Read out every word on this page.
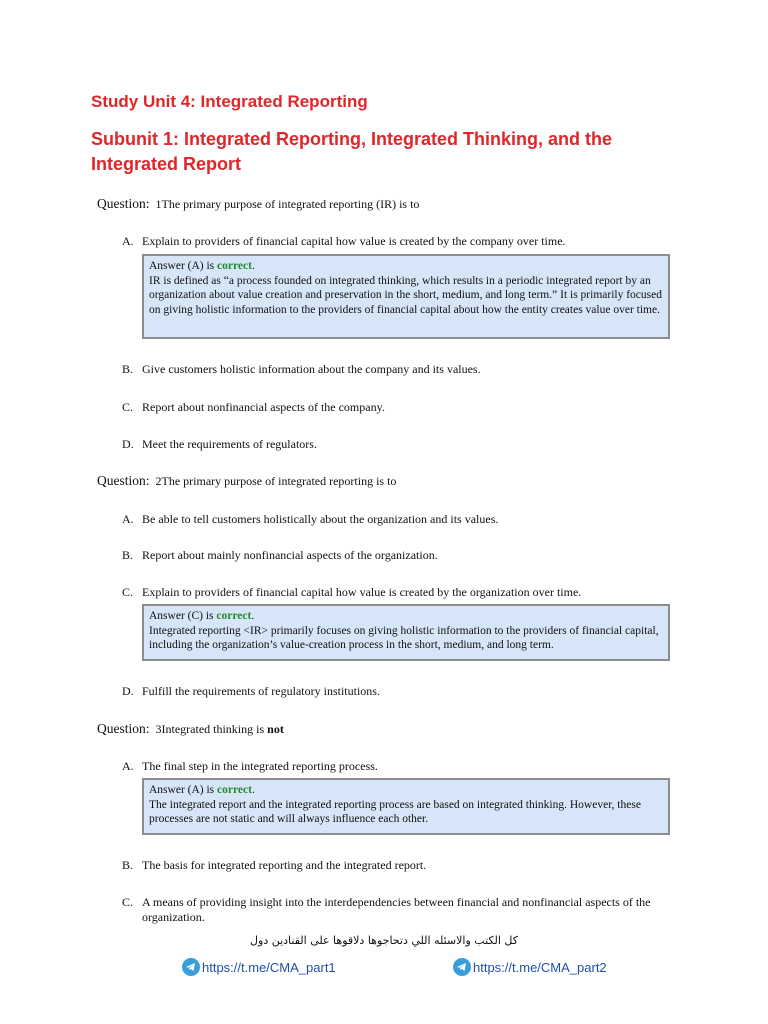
Study Unit 4: Integrated Reporting
Subunit 1: Integrated Reporting, Integrated Thinking, and the Integrated Report
Question: 1The primary purpose of integrated reporting (IR) is to
A. Explain to providers of financial capital how value is created by the company over time.
Answer (A) is correct.
IR is defined as “a process founded on integrated thinking, which results in a periodic integrated report by an organization about value creation and preservation in the short, medium, and long term.” It is primarily focused on giving holistic information to the providers of financial capital about how the entity creates value over time.
B. Give customers holistic information about the company and its values.
C. Report about nonfinancial aspects of the company.
D. Meet the requirements of regulators.
Question: 2The primary purpose of integrated reporting is to
A. Be able to tell customers holistically about the organization and its values.
B. Report about mainly nonfinancial aspects of the organization.
C. Explain to providers of financial capital how value is created by the organization over time.
Answer (C) is correct.
Integrated reporting <IR> primarily focuses on giving holistic information to the providers of financial capital, including the organization’s value-creation process in the short, medium, and long term.
D. Fulfill the requirements of regulatory institutions.
Question: 3Integrated thinking is not
A. The final step in the integrated reporting process.
Answer (A) is correct.
The integrated report and the integrated reporting process are based on integrated thinking. However, these processes are not static and will always influence each other.
B. The basis for integrated reporting and the integrated report.
C. A means of providing insight into the interdependencies between financial and nonfinancial aspects of the organization.
كل الكتب والاسئله اللي دتحاجوها دلاقوها على القنادين دول
https://t.me/CMA_part1	https://t.me/CMA_part2
